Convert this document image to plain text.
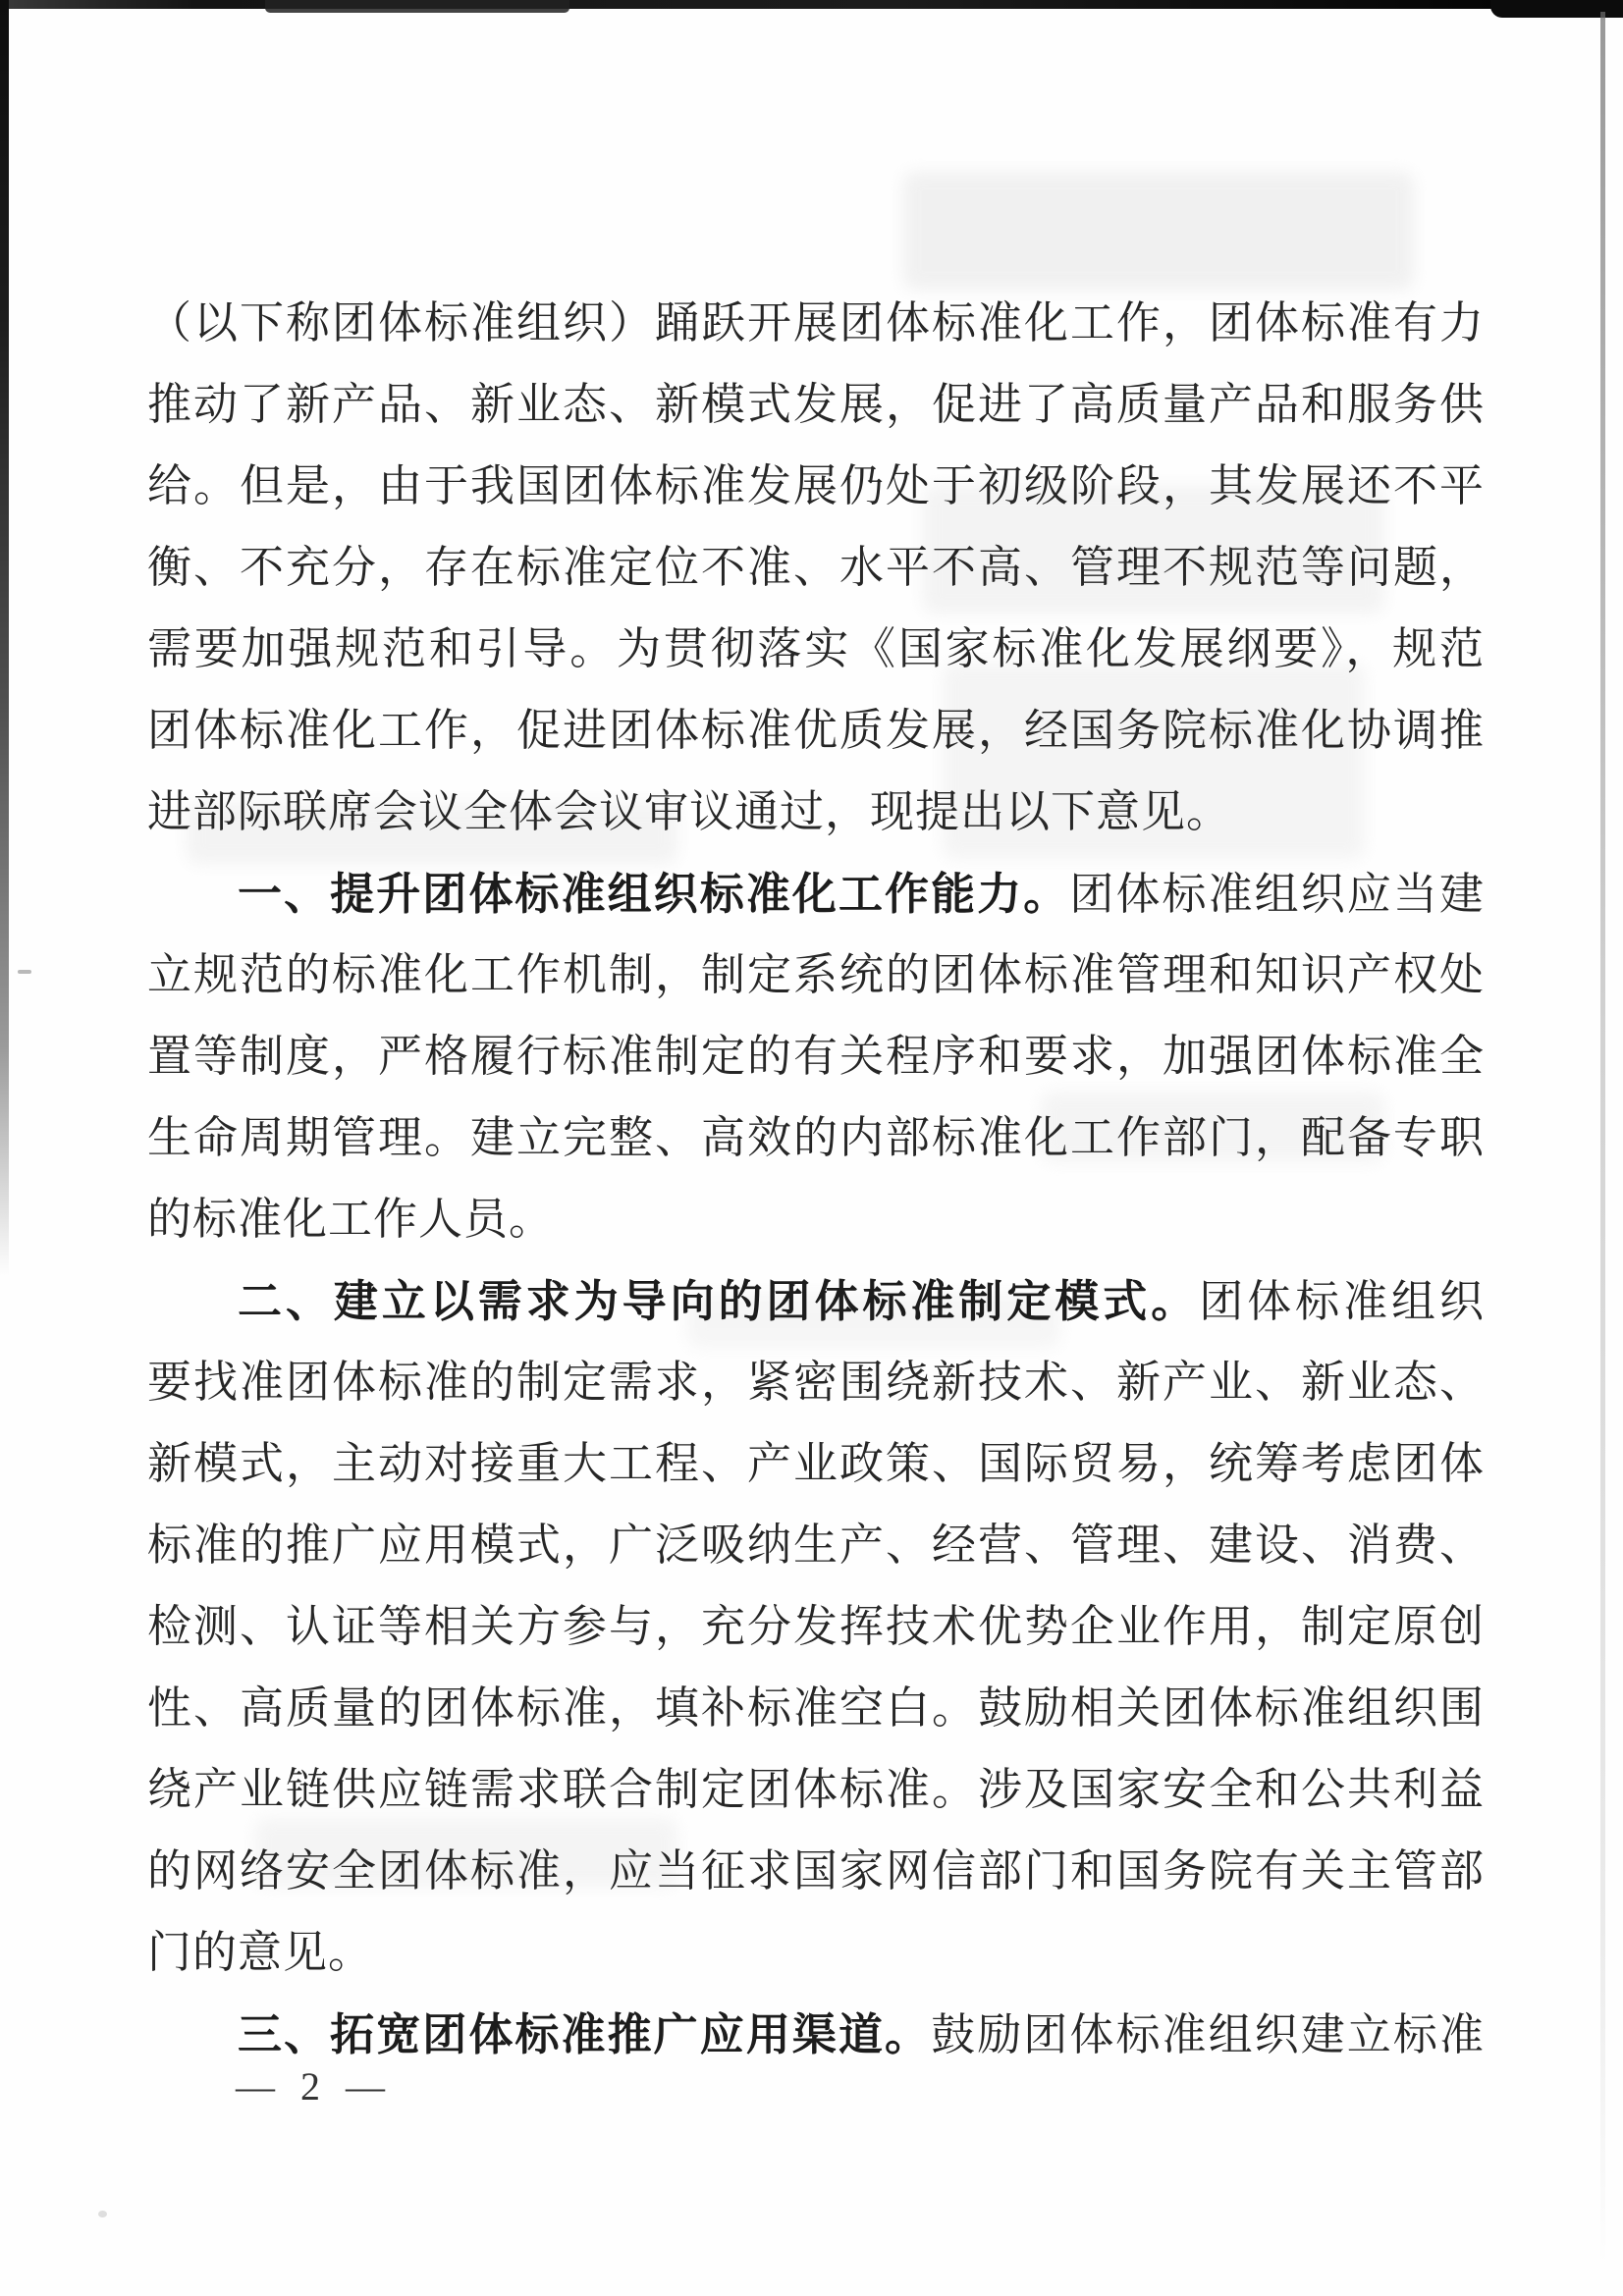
（以下称团体标准组织）踊跃开展团体标准化工作，团体标准有力
推动了新产品、新业态、新模式发展，促进了高质量产品和服务供
给。但是，由于我国团体标准发展仍处于初级阶段，其发展还不平
衡、不充分，存在标准定位不准、水平不高、管理不规范等问题，
需要加强规范和引导。为贯彻落实《国家标准化发展纲要》，规范
团体标准化工作，促进团体标准优质发展，经国务院标准化协调推
进部际联席会议全体会议审议通过，现提出以下意见。
一、提升团体标准组织标准化工作能力。团体标准组织应当建
立规范的标准化工作机制，制定系统的团体标准管理和知识产权处
置等制度，严格履行标准制定的有关程序和要求，加强团体标准全
生命周期管理。建立完整、高效的内部标准化工作部门，配备专职
的标准化工作人员。
二、建立以需求为导向的团体标准制定模式。团体标准组织
要找准团体标准的制定需求，紧密围绕新技术、新产业、新业态、
新模式，主动对接重大工程、产业政策、国际贸易，统筹考虑团体
标准的推广应用模式，广泛吸纳生产、经营、管理、建设、消费、
检测、认证等相关方参与，充分发挥技术优势企业作用，制定原创
性、高质量的团体标准，填补标准空白。鼓励相关团体标准组织围
绕产业链供应链需求联合制定团体标准。涉及国家安全和公共利益
的网络安全团体标准，应当征求国家网信部门和国务院有关主管部
门的意见。
三、拓宽团体标准推广应用渠道。鼓励团体标准组织建立标准
— 2 —
